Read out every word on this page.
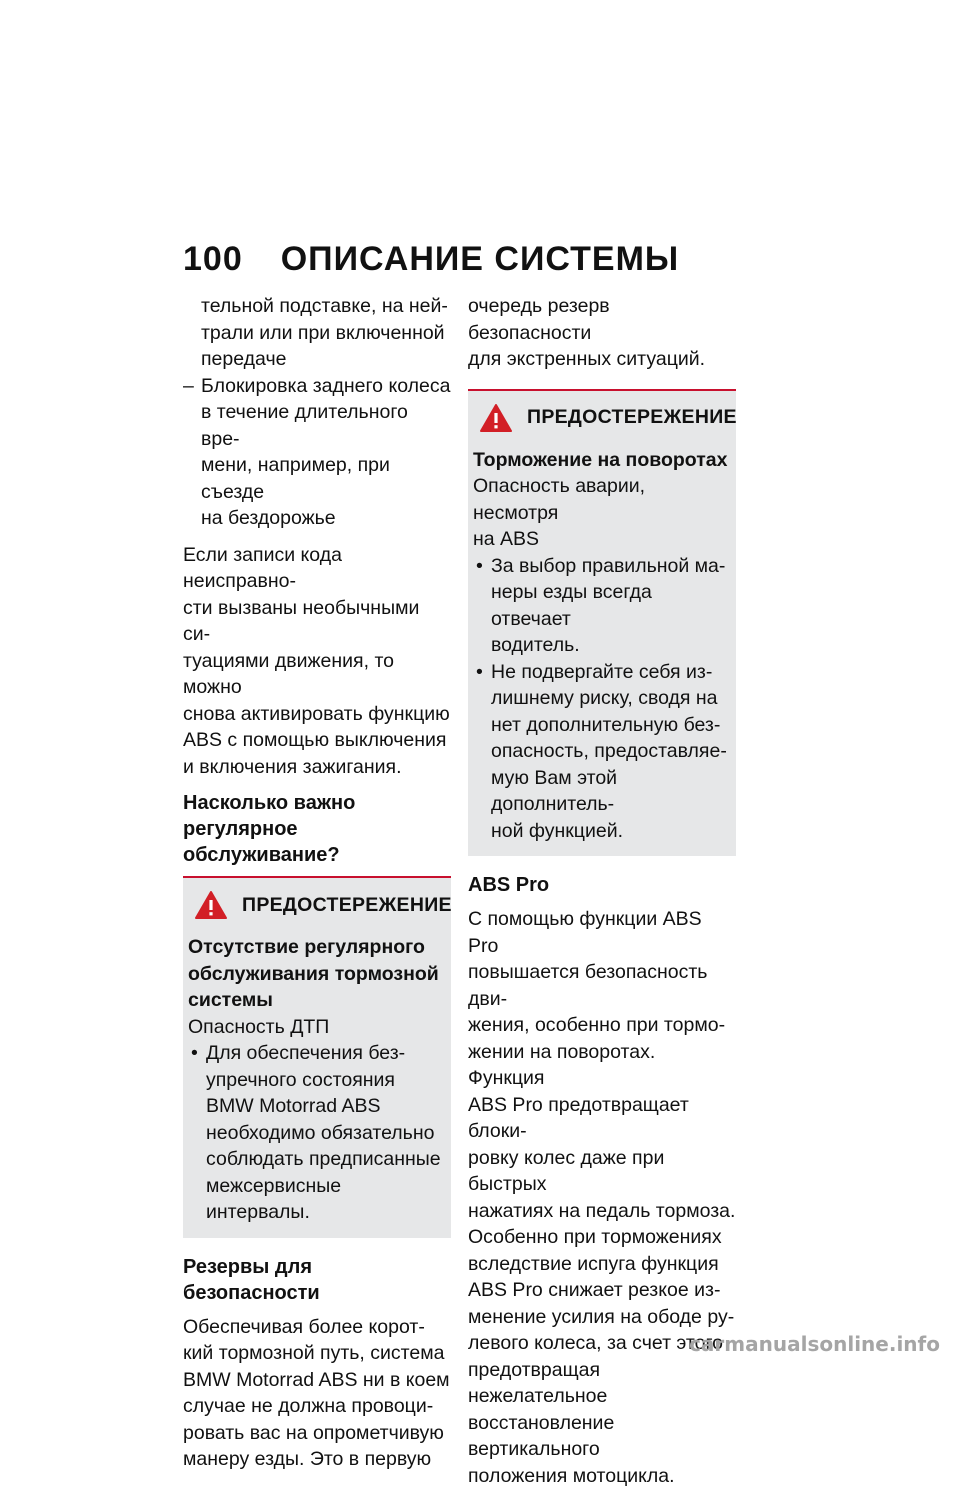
100 ОПИСАНИЕ СИСТЕМЫ

тельной подставке, на ней-

трали или при включенной

передаче

– Блокировка заднего колеса

в течение длительного вре-

мени, например, при съезде

на бездорожье

Если записи кода неисправно-

сти вызваны необычными си-

туациями движения, то можно

снова активировать функцию

ABS с помощью выключения

и включения зажигания.

Насколько важно
регулярное обслуживание?
ПРЕДОСТЕРЕЖЕНИЕ

Отсутствие регулярного

обслуживания тормозной

системы

Опасность ДТП

• Для обеспечения без-

упречного состояния

BMW Motorrad ABS

необходимо обязательно

соблюдать предписанные

межсервисные интервалы.

Резервы для безопасности

Обеспечивая более корот-

кий тормозной путь, система

BMW Motorrad ABS ни в коем

случае не должна провоци-

ровать вас на опрометчивую

манеру езды. Это в первую

очередь резерв безопасности

для экстренных ситуаций.

ПРЕДОСТЕРЕЖЕНИЕ

Торможение на поворотах

Опасность аварии, несмотря

на ABS

• За выбор правильной ма-

неры езды всегда отвечает

водитель.

• Не подвергайте себя из-

лишнему риску, сводя на

нет дополнительную без-

опасность, предоставляе-

мую Вам этой дополнитель-

ной функцией.

ABS Pro

С помощью функции ABS Pro

повышается безопасность дви-

жения, особенно при тормо-

жении на поворотах. Функция

ABS Pro предотвращает блоки-

ровку колес даже при быстрых

нажатиях на педаль тормоза.

Особенно при торможениях

вследствие испуга функция

ABS Pro снижает резкое из-

менение усилия на ободе ру-

левого колеса, за счет этого

предотвращая нежелательное

восстановление вертикального

положения мотоцикла.

carmanualsonline.info
